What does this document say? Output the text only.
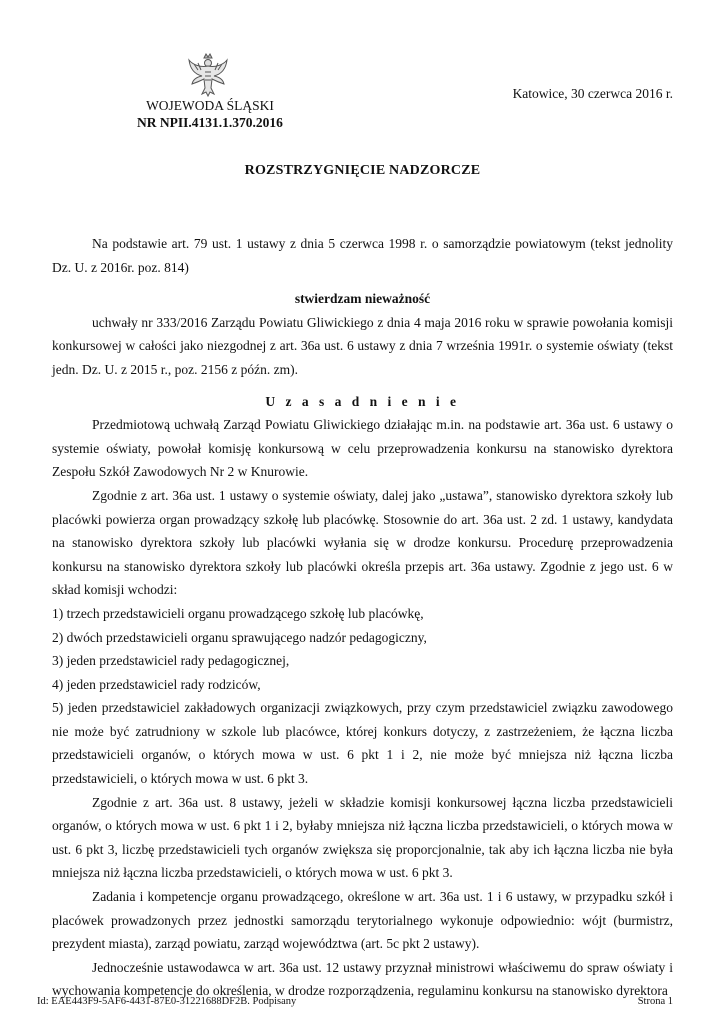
WOJEWODA ŚLĄSKI
NR NPII.4131.1.370.2016
Katowice, 30 czerwca 2016 r.
ROZSTRZYGNIĘCIE NADZORCZE

Na podstawie art. 79 ust. 1 ustawy z dnia 5 czerwca 1998 r. o samorządzie powiatowym (tekst jednolity Dz. U. z 2016r. poz. 814)

stwierdzam nieważność

uchwały nr 333/2016 Zarządu Powiatu Gliwickiego z dnia 4 maja 2016 roku w sprawie powołania komisji konkursowej w całości jako niezgodnej z art. 36a ust. 6 ustawy z dnia 7 września 1991r. o systemie oświaty (tekst jedn. Dz. U. z 2015 r., poz. 2156 z późn. zm).

U z a s a d n i e n i e

Przedmiotową uchwałą Zarząd Powiatu Gliwickiego działając m.in. na podstawie art. 36a ust. 6 ustawy o systemie oświaty, powołał komisję konkursową w celu przeprowadzenia konkursu na stanowisko dyrektora Zespołu Szkół Zawodowych Nr 2 w Knurowie.

Zgodnie z art. 36a ust. 1 ustawy o systemie oświaty, dalej jako „ustawa”, stanowisko dyrektora szkoły lub placówki powierza organ prowadzący szkołę lub placówkę. Stosownie do art. 36a ust. 2 zd. 1 ustawy, kandydata na stanowisko dyrektora szkoły lub placówki wyłania się w drodze konkursu. Procedurę przeprowadzenia konkursu na stanowisko dyrektora szkoły lub placówki określa przepis art. 36a ustawy. Zgodnie z jego ust. 6 w skład komisji wchodzi:

1) trzech przedstawicieli organu prowadzącego szkołę lub placówkę,

2) dwóch przedstawicieli organu sprawującego nadzór pedagogiczny,

3) jeden przedstawiciel rady pedagogicznej,

4) jeden przedstawiciel rady rodziców,

5) jeden przedstawiciel zakładowych organizacji związkowych, przy czym przedstawiciel związku zawodowego nie może być zatrudniony w szkole lub placówce, której konkurs dotyczy, z zastrzeżeniem, że łączna liczba przedstawicieli organów, o których mowa w ust. 6 pkt 1 i 2, nie może być mniejsza niż łączna liczba przedstawicieli, o których mowa w ust. 6 pkt 3.

Zgodnie z art. 36a ust. 8 ustawy, jeżeli w składzie komisji konkursowej łączna liczba przedstawicieli organów, o których mowa w ust. 6 pkt 1 i 2, byłaby mniejsza niż łączna liczba przedstawicieli, o których mowa w ust. 6 pkt 3, liczbę przedstawicieli tych organów zwiększa się proporcjonalnie, tak aby ich łączna liczba nie była mniejsza niż łączna liczba przedstawicieli, o których mowa w ust. 6 pkt 3.

Zadania i kompetencje organu prowadzącego, określone w art. 36a ust. 1 i 6 ustawy, w przypadku szkół i placówek prowadzonych przez jednostki samorządu terytorialnego wykonuje odpowiednio: wójt (burmistrz, prezydent miasta), zarząd powiatu, zarząd województwa (art. 5c pkt 2 ustawy).

Jednocześnie ustawodawca w art. 36a ust. 12 ustawy przyznał ministrowi właściwemu do spraw oświaty i wychowania kompetencje do określenia, w drodze rozporządzenia, regulaminu konkursu na stanowisko dyrektora

Id: EAE443F9-5AF6-4431-87E0-31221688DF2B. Podpisany	Strona 1
